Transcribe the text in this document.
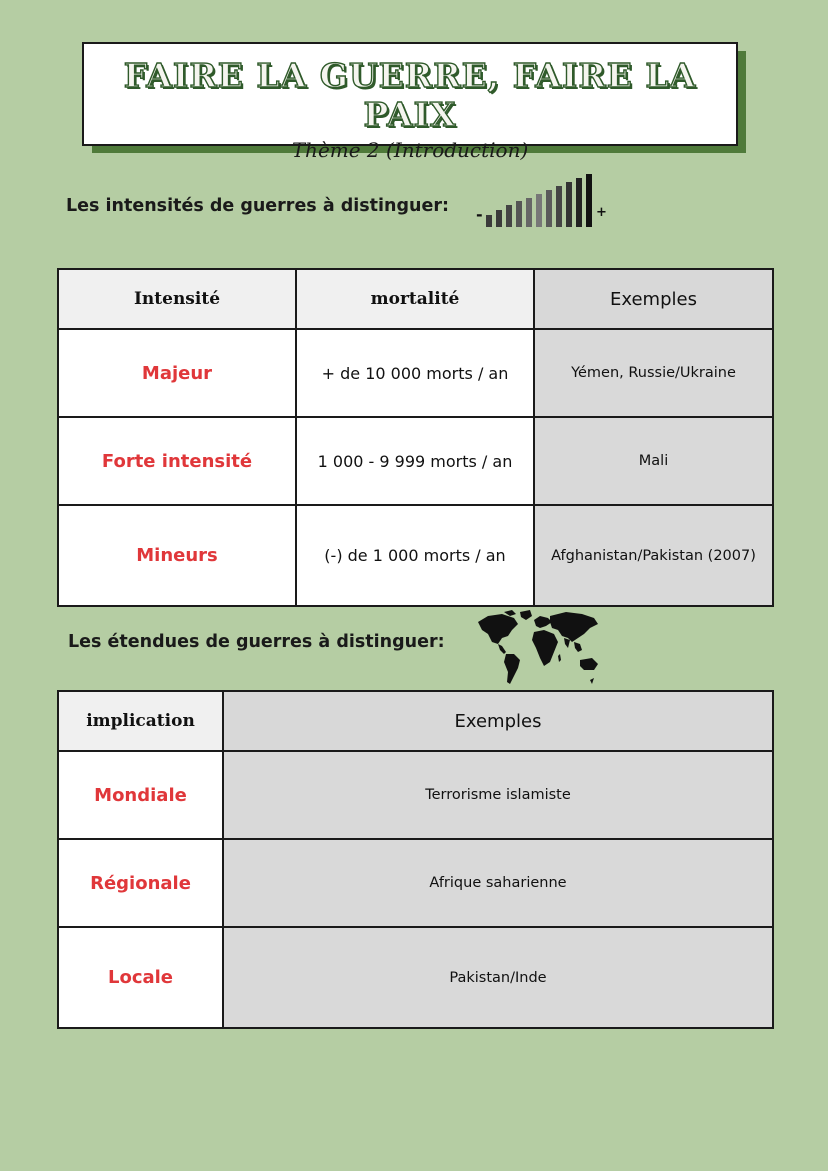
FAIRE LA GUERRE, FAIRE LA PAIX
Thème 2 (Introduction)
Les intensités de guerres à distinguer: -	+
Intensité	mortalité	Exemples
Majeur	+ de 10 000 morts / an	Yémen, Russie/Ukraine
Forte intensité	1 000 - 9 999 morts / an	Mali
Mineurs	(-) de 1 000 morts / an	Afghanistan/Pakistan (2007)
Les étendues de guerres à distinguer:
implication	Exemples
Mondiale	Terrorisme islamiste
Régionale	Afrique saharienne
Locale	Pakistan/Inde
